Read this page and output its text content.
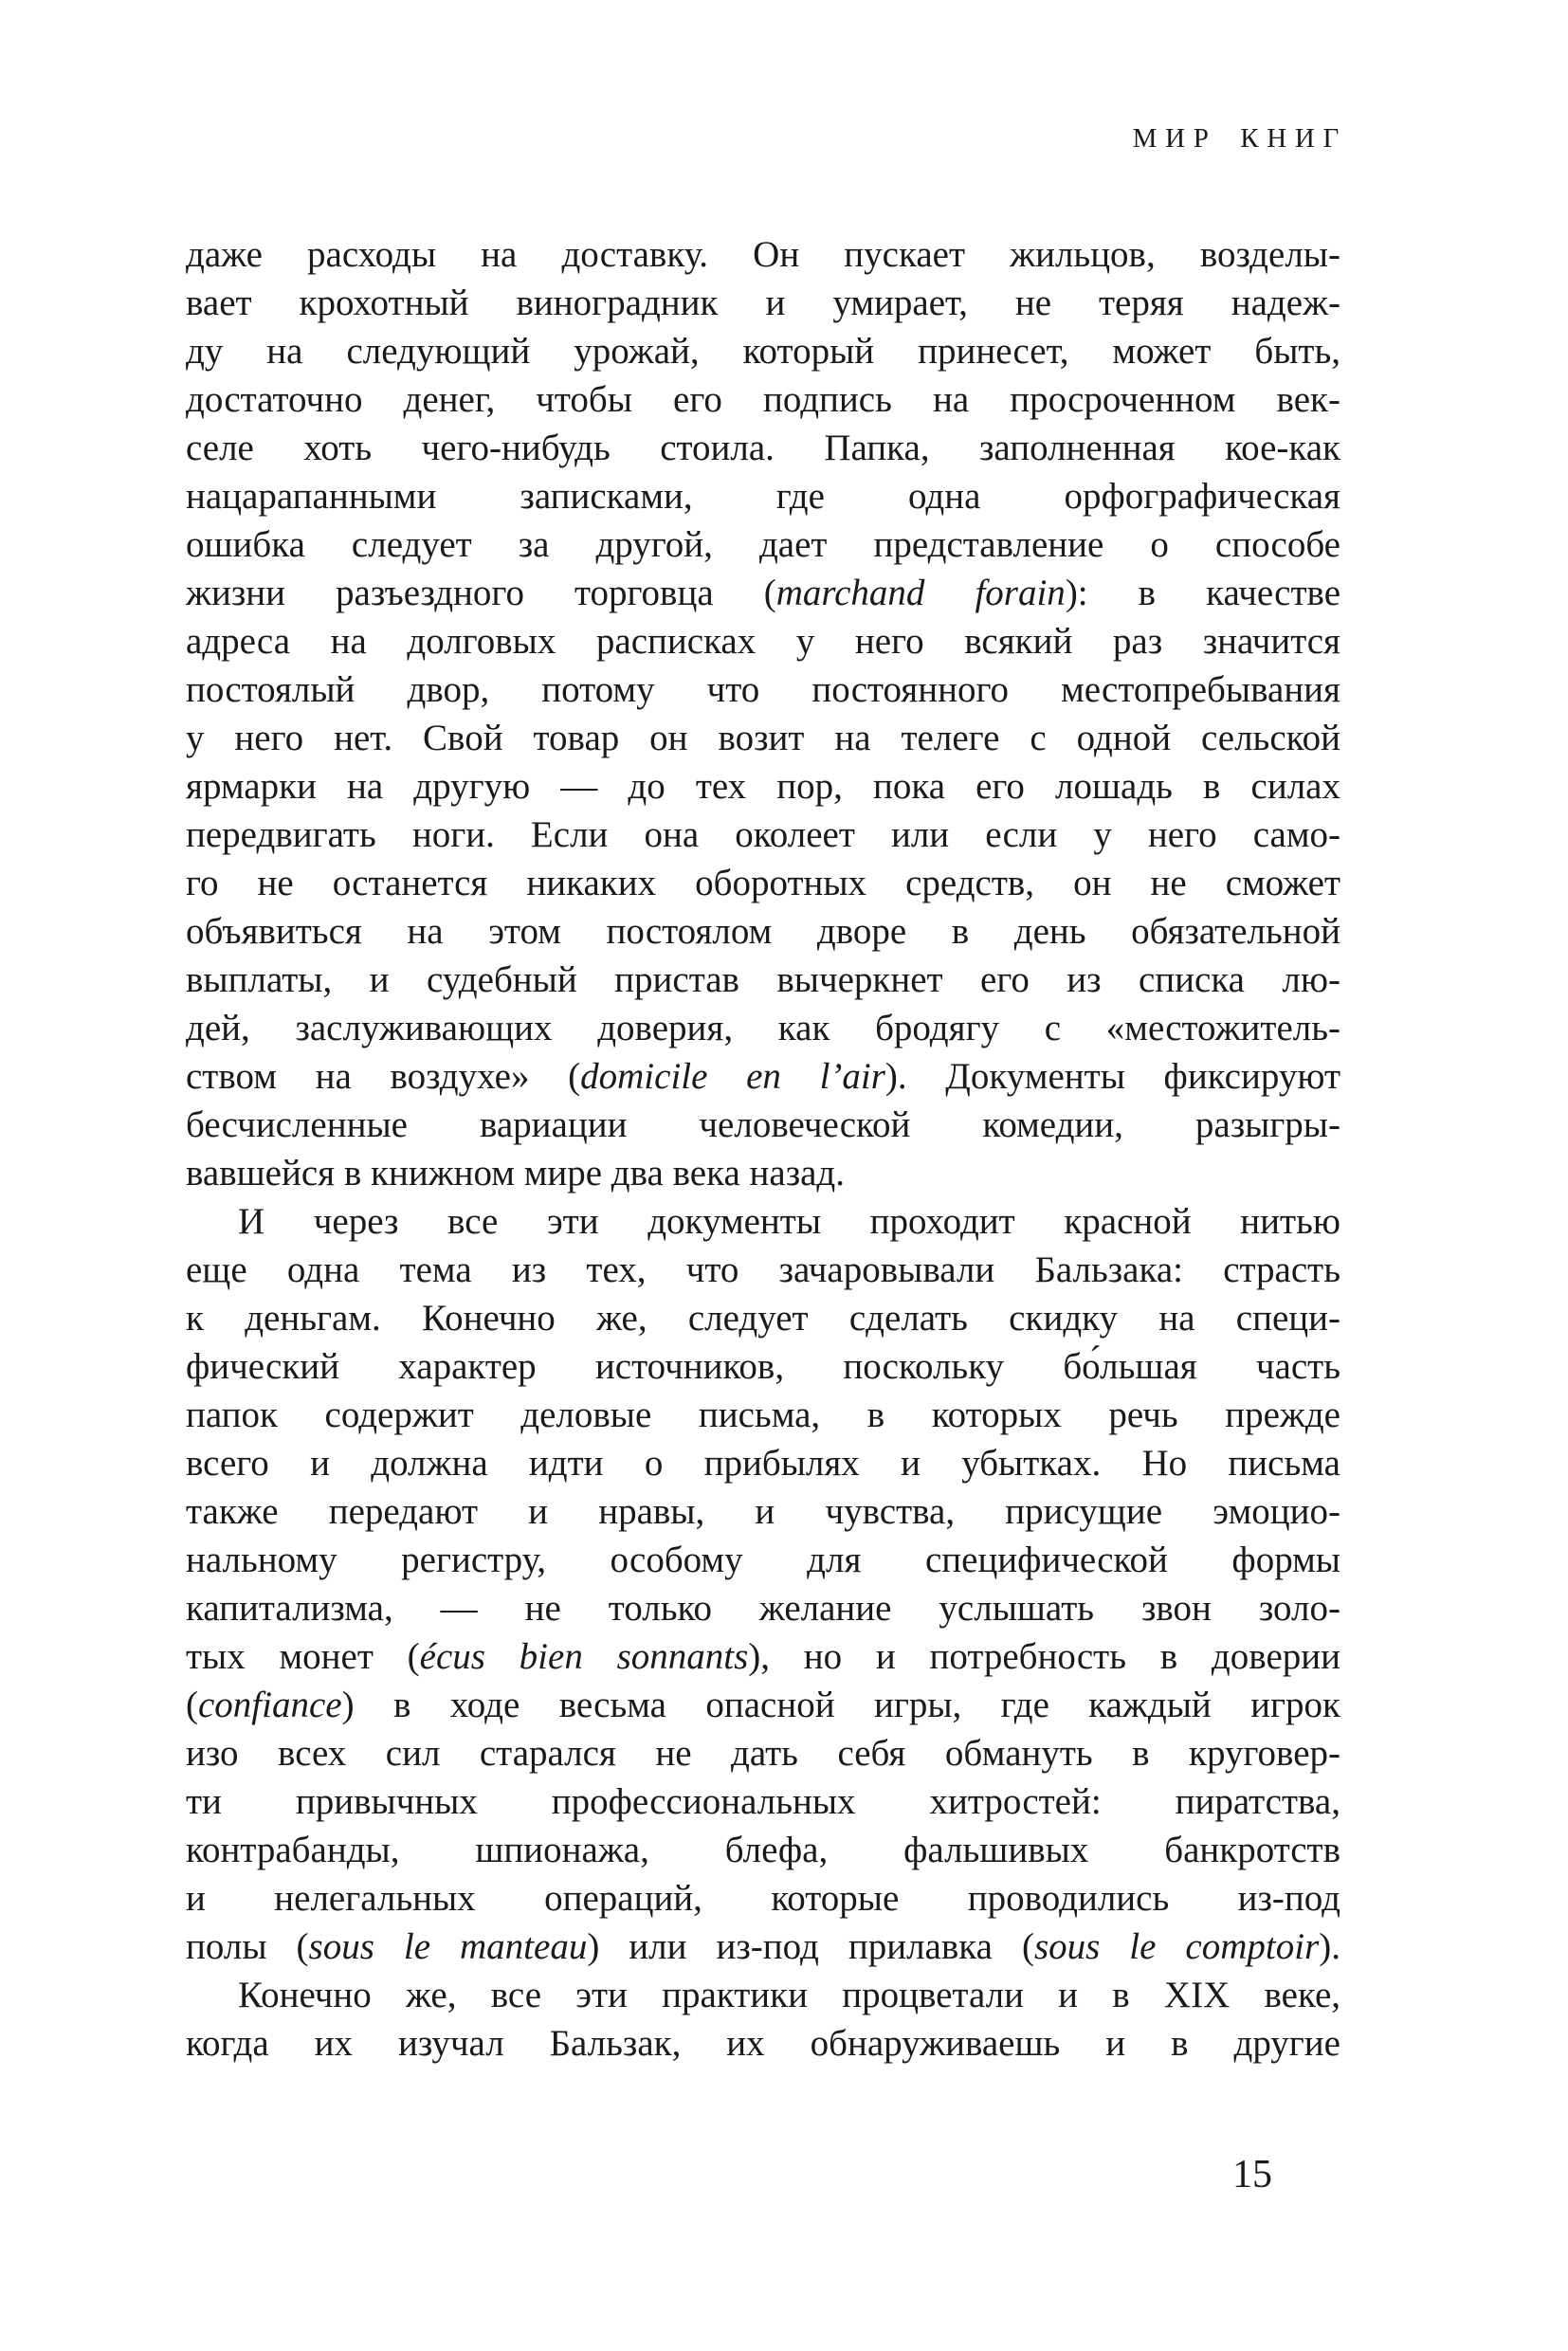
МИР КНИГ
даже расходы на доставку. Он пускает жильцов, возделы-
вает крохотный виноградник и умирает, не теряя надеж-
ду на следующий урожай, который принесет, может быть,
достаточно денег, чтобы его подпись на просроченном век-
селе хоть чего-нибудь стоила. Папка, заполненная кое-как
нацарапанными записками, где одна орфографическая
ошибка следует за другой, дает представление о способе
жизни разъездного торговца (marchand forain): в качестве
адреса на долговых расписках у него всякий раз значится
постоялый двор, потому что постоянного местопребывания
у него нет. Свой товар он возит на телеге с одной сельской
ярмарки на другую — до тех пор, пока его лошадь в силах
передвигать ноги. Если она околеет или если у него само-
го не останется никаких оборотных средств, он не сможет
объявиться на этом постоялом дворе в день обязательной
выплаты, и судебный пристав вычеркнет его из списка лю-
дей, заслуживающих доверия, как бродягу с «местожитель-
ством на воздухе» (domicile en l’air). Документы фиксируют
бесчисленные вариации человеческой комедии, разыгры-
вавшейся в книжном мире два века назад.
И через все эти документы проходит красной нитью
еще одна тема из тех, что зачаровывали Бальзака: страсть
к деньгам. Конечно же, следует сделать скидку на специ-
фический характер источников, поскольку бо́льшая часть
папок содержит деловые письма, в которых речь прежде
всего и должна идти о прибылях и убытках. Но письма
также передают и нравы, и чувства, присущие эмоцио-
нальному регистру, особому для специфической формы
капитализма, — не только желание услышать звон золо-
тых монет (écus bien sonnants), но и потребность в доверии
(confiance) в ходе весьма опасной игры, где каждый игрок
изо всех сил старался не дать себя обмануть в круговер-
ти привычных профессиональных хитростей: пиратства,
контрабанды, шпионажа, блефа, фальшивых банкротств
и нелегальных операций, которые проводились из-под
полы (sous le manteau) или из-под прилавка (sous le comptoir).
Конечно же, все эти практики процветали и в XIX веке,
когда их изучал Бальзак, их обнаруживаешь и в другие
15
